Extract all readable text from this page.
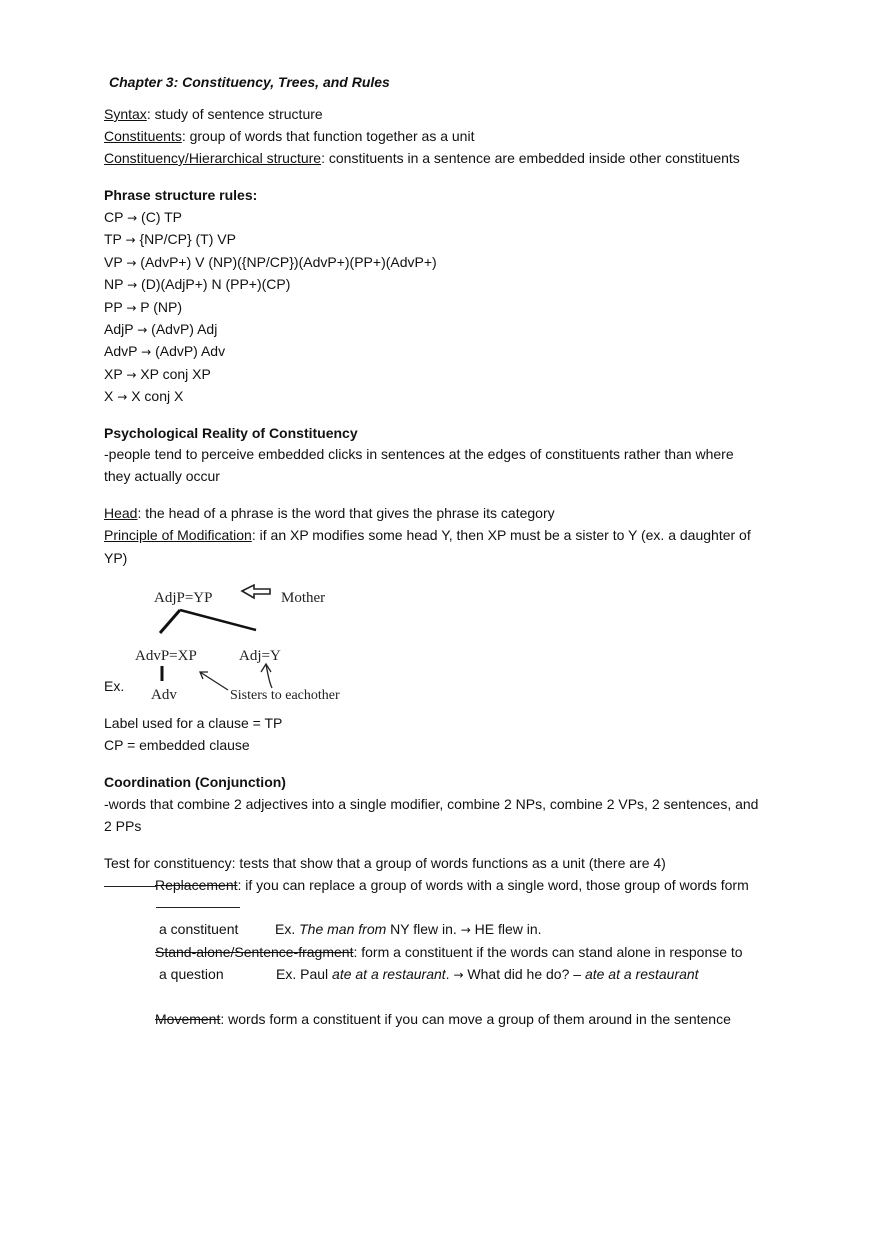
Chapter 3: Constituency, Trees, and Rules
Syntax: study of sentence structure
Constituents: group of words that function together as a unit
Constituency/Hierarchical structure: constituents in a sentence are embedded inside other constituents
Phrase structure rules:
CP → (C) TP
TP → {NP/CP} (T) VP
VP → (AdvP+) V (NP)({NP/CP})(AdvP+)(PP+)(AdvP+)
NP → (D)(AdjP+) N (PP+)(CP)
PP → P (NP)
AdjP → (AdvP) Adj
AdvP → (AdvP) Adv
XP → XP conj XP
X → X conj X
Psychological Reality of Constituency
-people tend to perceive embedded clicks in sentences at the edges of constituents rather than where
they actually occur
Head: the head of a phrase is the word that gives the phrase its category
Principle of Modification: if an XP modifies some head Y, then XP must be a sister to Y (ex. a daughter of
YP)
Ex.
AdjP=YP	Mother
AdvP=XP	Adj=Y
Adv	Sisters to eachother
Label used for a clause = TP
CP = embedded clause
Coordination (Conjunction)
-words that combine 2 adjectives into a single modifier, combine 2 NPs, combine 2 VPs, 2 sentences, and
2 PPs
Test for constituency: tests that show that a group of words functions as a unit (there are 4)
Replacement: if you can replace a group of words with a single word, those group of words form
a constituent	Ex. The man from NY flew in. → HE flew in.
Stand-alone/Sentence-fragment: form a constituent if the words can stand alone in response to
a question	Ex. Paul ate at a restaurant. → What did he do? – ate at a restaurant
Movement: words form a constituent if you can move a group of them around in the sentence
